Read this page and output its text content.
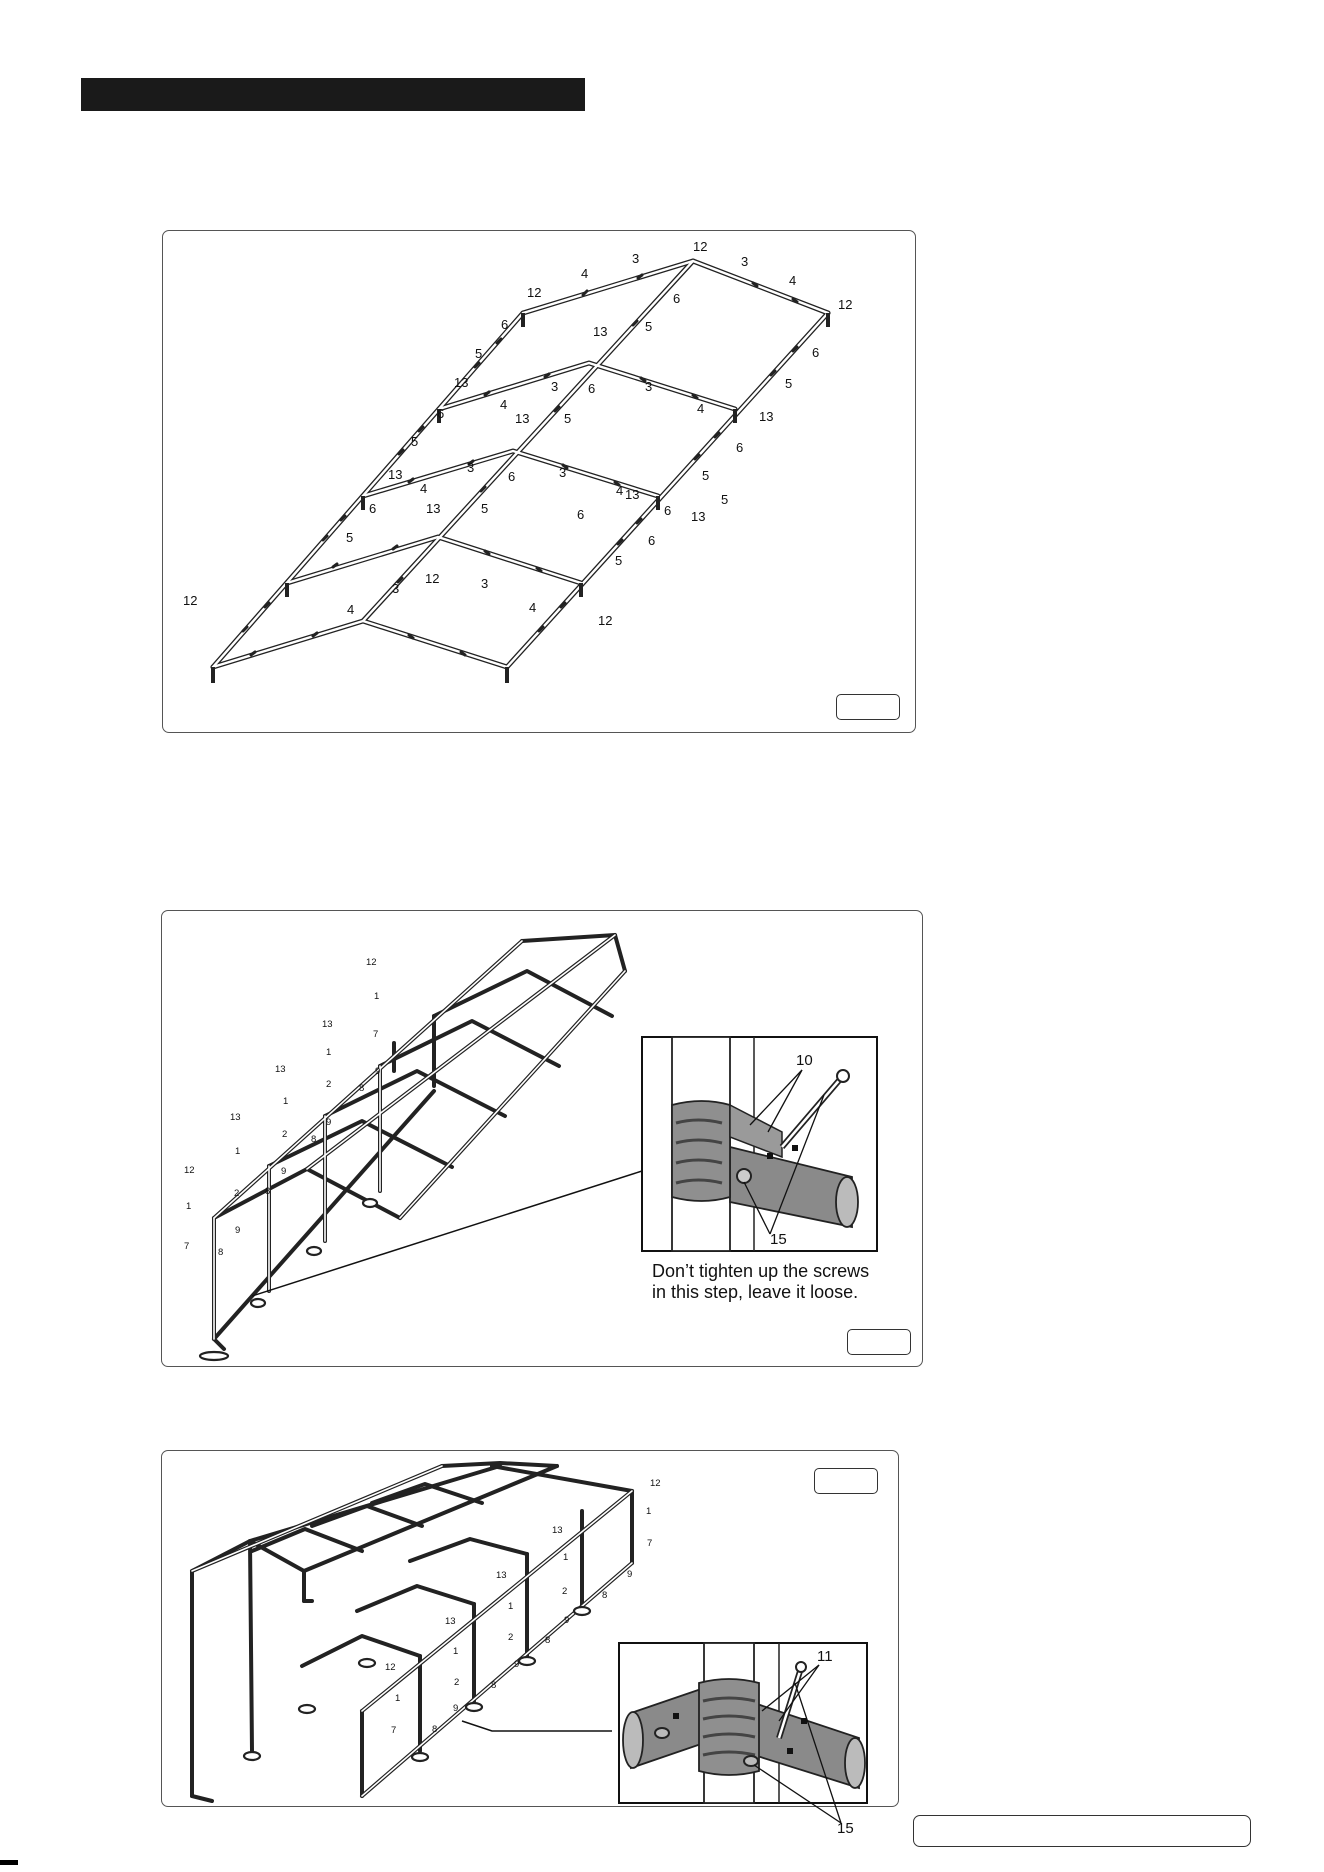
12
3	3
4	4
6
12
12
6	13	5
5	6
13	3 6	3	5
4	4
6	13	5	13
5	6
3	3
6	5
13
4	4
13	5
13
6
6
5
5
6
3
12	3
6
12
4	4
12
13	5
12
1
13
7
1
13	9
2	8
1
13	9
2 8
1
12	9
2	8
1
9
7
8
10
15
Don’t tighten up the screws
in this step, leave it loose.
12
1
13
7
1
9
13
2	8
1
13	9
2	8
1
12	9
2	8
1
9
7	8
11
15
